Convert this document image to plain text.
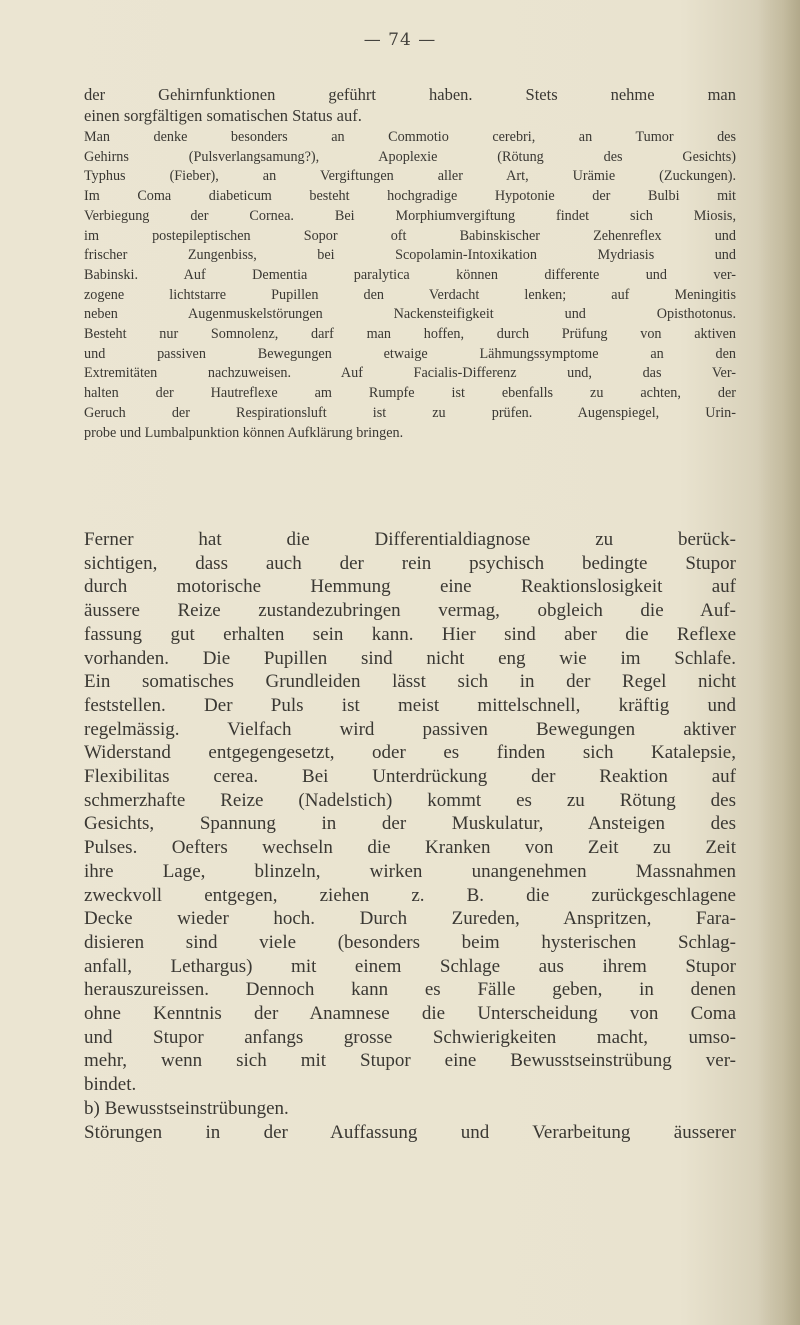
— 74 —
der Gehirnfunktionen geführt haben. Stets nehme man
einen sorgfältigen somatischen Status auf.
Man denke besonders an Commotio cerebri, an Tumor des
Gehirns (Pulsverlangsamung?), Apoplexie (Rötung des Gesichts)
Typhus (Fieber), an Vergiftungen aller Art, Urämie (Zuckungen).
Im Coma diabeticum besteht hochgradige Hypotonie der Bulbi mit
Verbiegung der Cornea. Bei Morphiumvergiftung findet sich Miosis,
im postepileptischen Sopor oft Babinskischer Zehenreflex und
frischer Zungenbiss, bei Scopolamin-Intoxikation Mydriasis und
Babinski. Auf Dementia paralytica können differente und ver-
zogene lichtstarre Pupillen den Verdacht lenken; auf Meningitis
neben Augenmuskelstörungen Nackensteifigkeit und Opisthotonus.
Besteht nur Somnolenz, darf man hoffen, durch Prüfung von aktiven
und passiven Bewegungen etwaige Lähmungssymptome an den
Extremitäten nachzuweisen. Auf Facialis-Differenz und, das Ver-
halten der Hautreflexe am Rumpfe ist ebenfalls zu achten, der
Geruch der Respirationsluft ist zu prüfen. Augenspiegel, Urin-
probe und Lumbalpunktion können Aufklärung bringen.
Ferner hat die Differentialdiagnose zu berück-
sichtigen, dass auch der rein psychisch bedingte Stupor
durch motorische Hemmung eine Reaktionslosigkeit auf
äussere Reize zustandezubringen vermag, obgleich die Auf-
fassung gut erhalten sein kann. Hier sind aber die Reflexe
vorhanden. Die Pupillen sind nicht eng wie im Schlafe.
Ein somatisches Grundleiden lässt sich in der Regel nicht
feststellen. Der Puls ist meist mittelschnell, kräftig und
regelmässig. Vielfach wird passiven Bewegungen aktiver
Widerstand entgegengesetzt, oder es finden sich Katalepsie,
Flexibilitas cerea. Bei Unterdrückung der Reaktion auf
schmerzhafte Reize (Nadelstich) kommt es zu Rötung des
Gesichts, Spannung in der Muskulatur, Ansteigen des
Pulses. Oefters wechseln die Kranken von Zeit zu Zeit
ihre Lage, blinzeln, wirken unangenehmen Massnahmen
zweckvoll entgegen, ziehen z. B. die zurückgeschlagene
Decke wieder hoch. Durch Zureden, Anspritzen, Fara-
disieren sind viele (besonders beim hysterischen Schlag-
anfall, Lethargus) mit einem Schlage aus ihrem Stupor
herauszureissen. Dennoch kann es Fälle geben, in denen
ohne Kenntnis der Anamnese die Unterscheidung von Coma
und Stupor anfangs grosse Schwierigkeiten macht, umso-
mehr, wenn sich mit Stupor eine Bewusstseinstrübung ver-
bindet.
b) Bewusstseinstrübungen.
Störungen in der Auffassung und Verarbeitung äusserer
